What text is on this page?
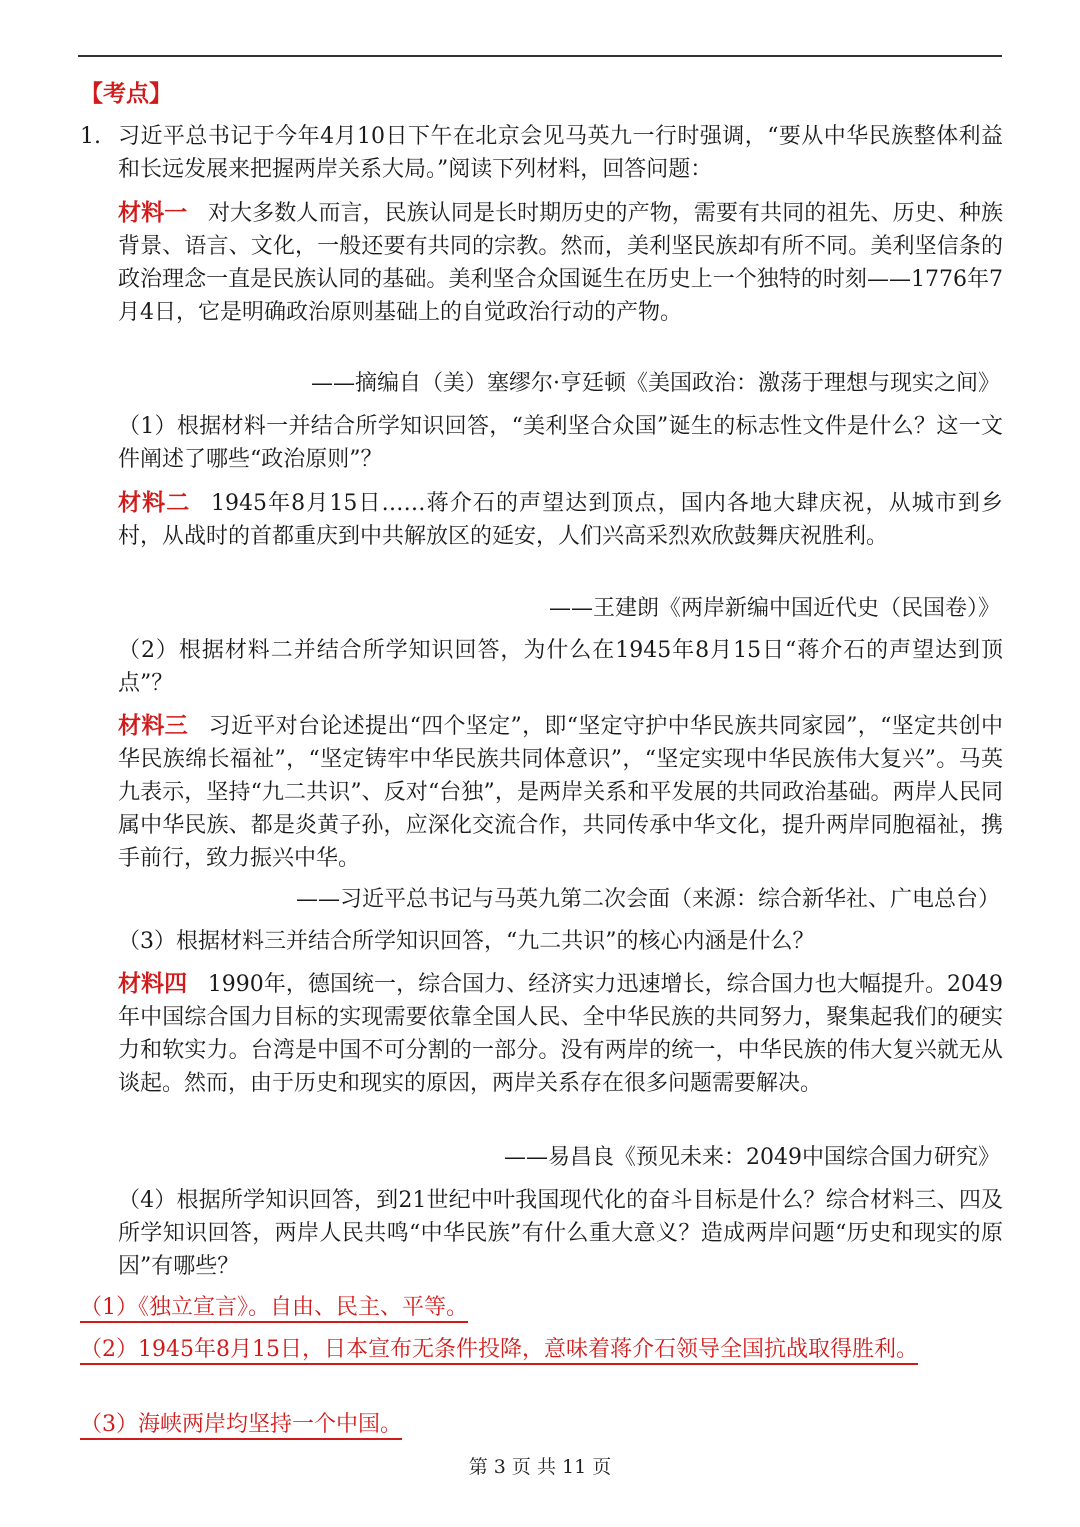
【考点】
1. 习近平总书记于今年4月10日下午在北京会见马英九一行时强调，“要从中华民族整体利益和长远发展来把握两岸关系大局。”阅读下列材料，回答问题：
材料一 对大多数人而言，民族认同是长时期历史的产物，需要有共同的祖先、历史、种族背景、语言、文化，一般还要有共同的宗教。然而，美利坚民族却有所不同。美利坚信条的政治理念一直是民族认同的基础。美利坚合众国诞生在历史上一个独特的时刻——1776年7月4日，它是明确政治原则基础上的自觉政治行动的产物。
——摘编自（美）塞缪尔·亨廷顿《美国政治：激荡于理想与现实之间》
（1）根据材料一并结合所学知识回答，“美利坚合众国”诞生的标志性文件是什么？这一文件阐述了哪些“政治原则”？
材料二 1945年8月15日……蒋介石的声望达到顶点，国内各地大肆庆祝，从城市到乡村，从战时的首都重庆到中共解放区的延安，人们兴高采烈欢欣鼓舞庆祝胜利。
——王建朗《两岸新编中国近代史（民国卷）》
（2）根据材料二并结合所学知识回答，为什么在1945年8月15日“蒋介石的声望达到顶点”？
材料三 习近平对台论述提出“四个坚定”，即“坚定守护中华民族共同家园”，“坚定共创中华民族绵长福祉”，“坚定铸牢中华民族共同体意识”，“坚定实现中华民族伟大复兴”。马英九表示，坚持“九二共识”、反对“台独”，是两岸关系和平发展的共同政治基础。两岸人民同属中华民族、都是炎黄子孙，应深化交流合作，共同传承中华文化，提升两岸同胞福祉，携手前行，致力振兴中华。
——习近平总书记与马英九第二次会面（来源：综合新华社、广电总台）
（3）根据材料三并结合所学知识回答，“九二共识”的核心内涵是什么？
材料四 1990年，德国统一，综合国力、经济实力迅速增长，综合国力也大幅提升。2049年中国综合国力目标的实现需要依靠全国人民、全中华民族的共同努力，聚集起我们的硬实力和软实力。台湾是中国不可分割的一部分。没有两岸的统一，中华民族的伟大复兴就无从谈起。然而，由于历史和现实的原因，两岸关系存在很多问题需要解决。
——易昌良《预见未来：2049中国综合国力研究》
（4）根据所学知识回答，到21世纪中叶我国现代化的奋斗目标是什么？综合材料三、四及所学知识回答，两岸人民共鸣“中华民族”有什么重大意义？造成两岸问题“历史和现实的原因”有哪些？
（1）《独立宣言》。自由、民主、平等。
（2）1945年8月15日，日本宣布无条件投降，意味着蒋介石领导全国抗战取得胜利。
（3）海峡两岸均坚持一个中国。
第 3 页 共 11 页
